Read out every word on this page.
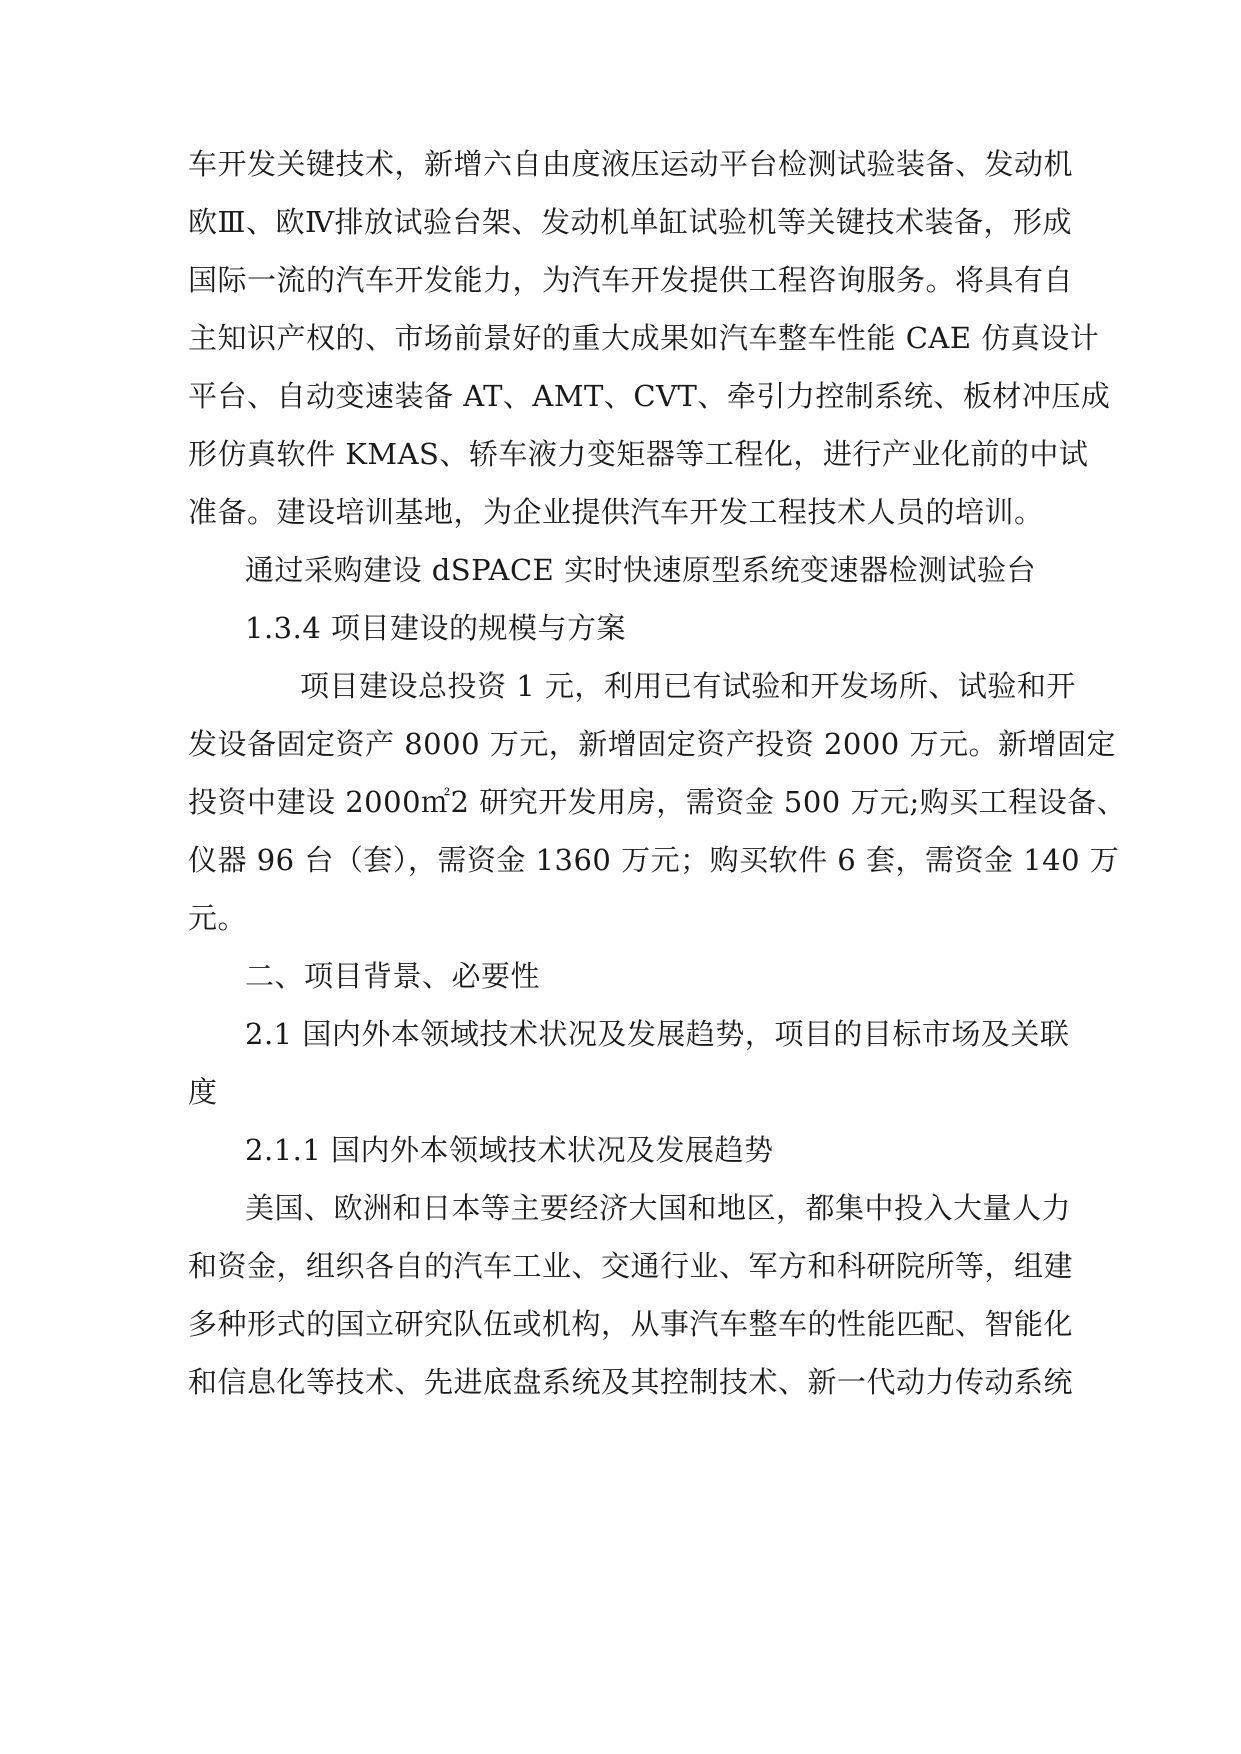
车开发关键技术，新增六自由度液压运动平台检测试验装备、发动机
欧Ⅲ、欧Ⅳ排放试验台架、发动机单缸试验机等关键技术装备，形成
国际一流的汽车开发能力，为汽车开发提供工程咨询服务。将具有自
主知识产权的、市场前景好的重大成果如汽车整车性能 CAE 仿真设计
平台、自动变速装备 AT、AMT、CVT、牵引力控制系统、板材冲压成
形仿真软件 KMAS、轿车液力变矩器等工程化，进行产业化前的中试
准备。建设培训基地，为企业提供汽车开发工程技术人员的培训。
通过采购建设 dSPACE 实时快速原型系统变速器检测试验台
1.3.4 项目建设的规模与方案
项目建设总投资 1 元，利用已有试验和开发场所、试验和开
发设备固定资产 8000 万元，新增固定资产投资 2000 万元。新增固定
投资中建设 2000㎡2 研究开发用房，需资金 500 万元;购买工程设备、
仪器 96 台（套），需资金 1360 万元；购买软件 6 套，需资金 140 万
元。
二、项目背景、必要性
2.1 国内外本领域技术状况及发展趋势，项目的目标市场及关联
度
2.1.1 国内外本领域技术状况及发展趋势
美国、欧洲和日本等主要经济大国和地区，都集中投入大量人力
和资金，组织各自的汽车工业、交通行业、军方和科研院所等，组建
多种形式的国立研究队伍或机构，从事汽车整车的性能匹配、智能化
和信息化等技术、先进底盘系统及其控制技术、新一代动力传动系统
